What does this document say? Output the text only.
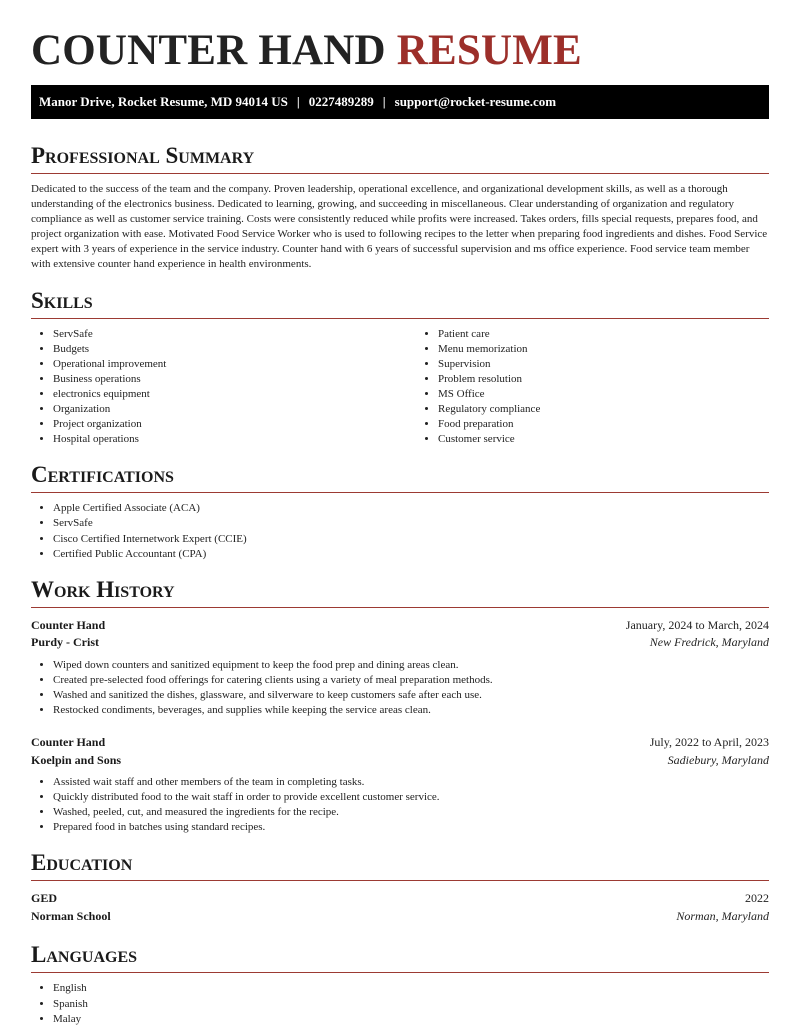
COUNTER HAND RESUME
Manor Drive, Rocket Resume, MD 94014 US | 0227489289 | support@rocket-resume.com
Professional Summary

Dedicated to the success of the team and the company. Proven leadership, operational excellence, and organizational development skills, as well as a thorough understanding of the electronics business. Dedicated to learning, growing, and succeeding in miscellaneous. Clear understanding of organization and regulatory compliance as well as customer service training. Costs were consistently reduced while profits were increased. Takes orders, fills special requests, prepares food, and project organization with ease. Motivated Food Service Worker who is used to following recipes to the letter when preparing food ingredients and dishes. Food Service expert with 3 years of experience in the service industry. Counter hand with 6 years of successful supervision and ms office experience. Food service team member with extensive counter hand experience in health environments.

Skills
• ServSafe
• Budgets
• Operational improvement
• Business operations
• electronics equipment
• Organization
• Project organization
• Hospital operations
• Patient care
• Menu memorization
• Supervision
• Problem resolution
• MS Office
• Regulatory compliance
• Food preparation
• Customer service
Certifications
• Apple Certified Associate (ACA)
• ServSafe
• Cisco Certified Internetwork Expert (CCIE)
• Certified Public Accountant (CPA)
Work History
Counter Hand	January, 2024 to March, 2024
Purdy - Crist	New Fredrick, Maryland
• Wiped down counters and sanitized equipment to keep the food prep and dining areas clean.
• Created pre-selected food offerings for catering clients using a variety of meal preparation methods.
• Washed and sanitized the dishes, glassware, and silverware to keep customers safe after each use.
• Restocked condiments, beverages, and supplies while keeping the service areas clean.
Counter Hand	July, 2022 to April, 2023
Koelpin and Sons	Sadiebury, Maryland
• Assisted wait staff and other members of the team in completing tasks.
• Quickly distributed food to the wait staff in order to provide excellent customer service.
• Washed, peeled, cut, and measured the ingredients for the recipe.
• Prepared food in batches using standard recipes.
Education
GED	2022
Norman School	Norman, Maryland
Languages
• English
• Spanish
• Malay
